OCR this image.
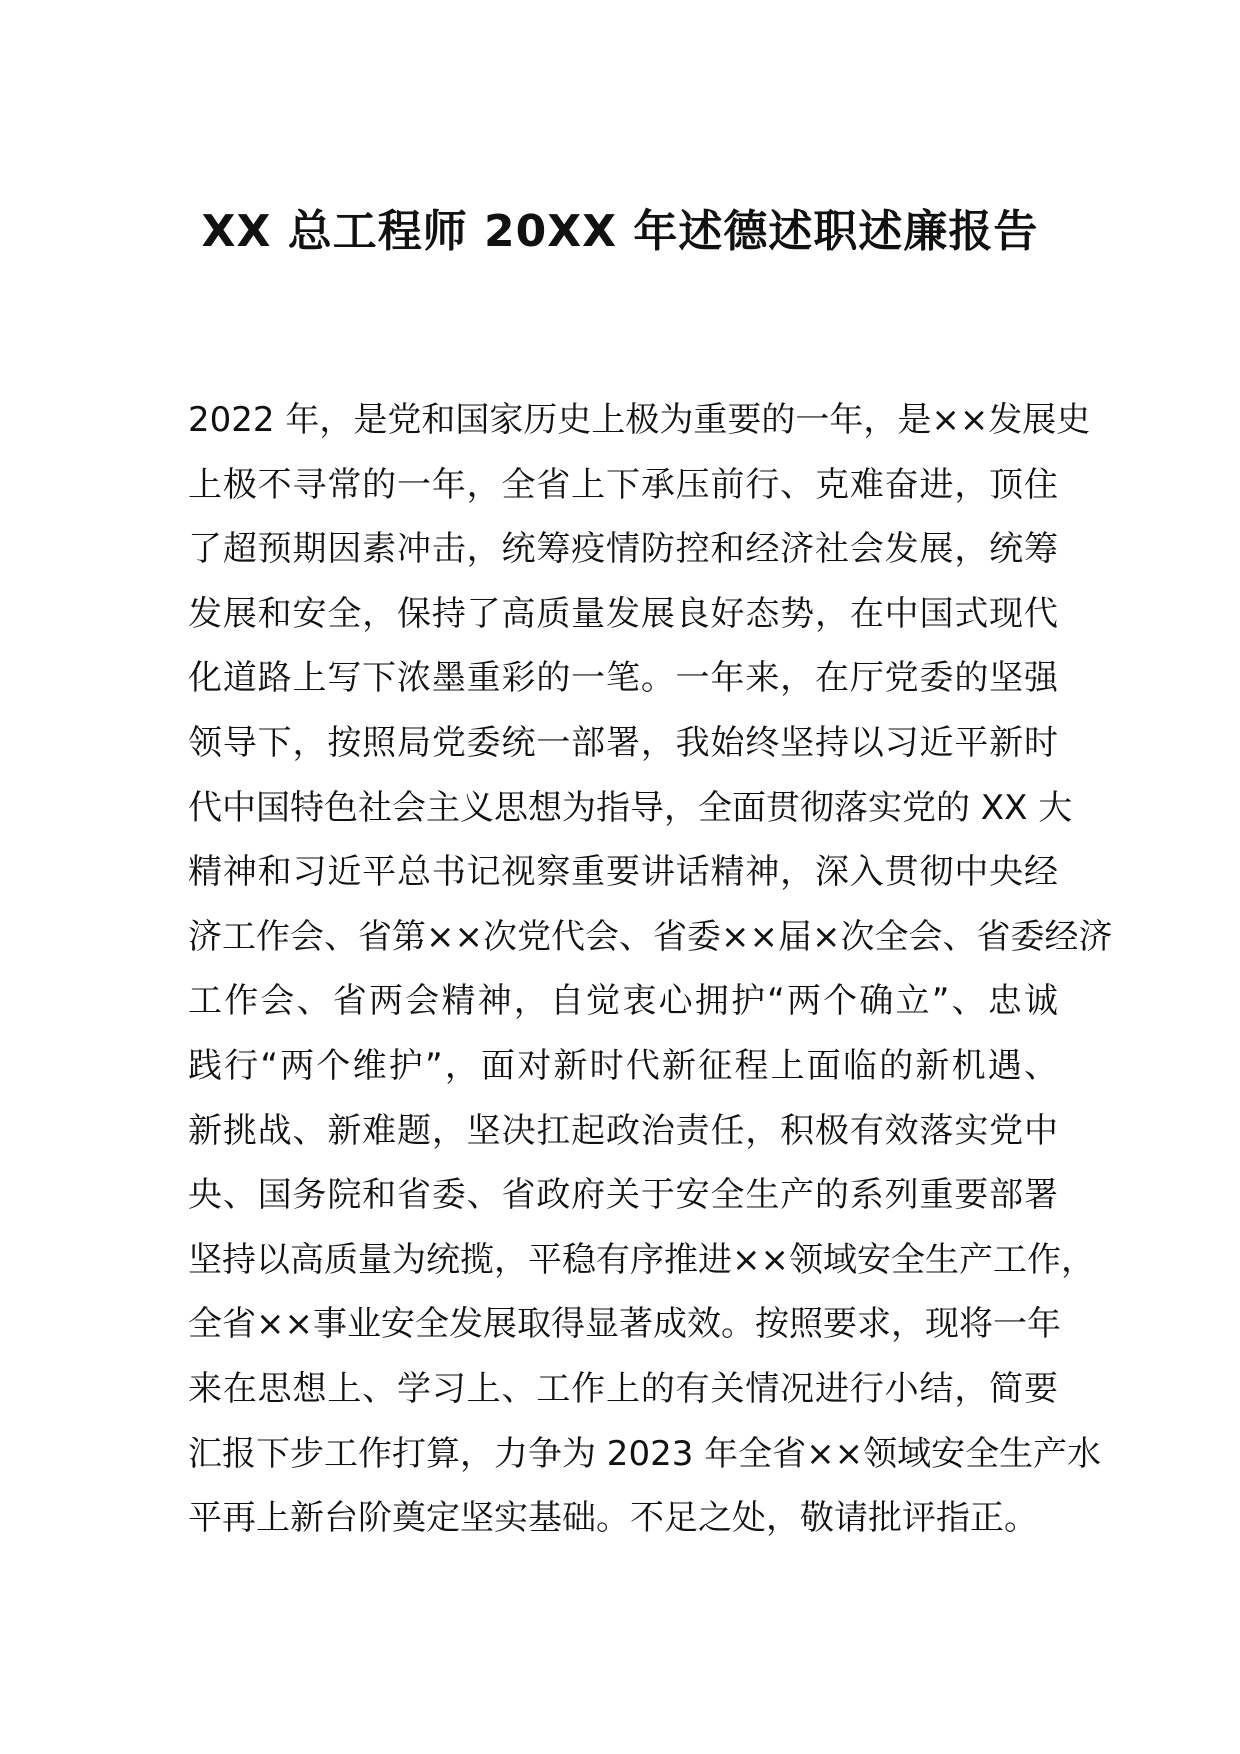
XX 总工程师 20XX 年述德述职述廉报告
2022 年，是党和国家历史上极为重要的一年，是××发展史
上极不寻常的一年，全省上下承压前行、克难奋进，顶住
了超预期因素冲击，统筹疫情防控和经济社会发展，统筹
发展和安全，保持了高质量发展良好态势，在中国式现代
化道路上写下浓墨重彩的一笔。一年来，在厅党委的坚强
领导下，按照局党委统一部署，我始终坚持以习近平新时
代中国特色社会主义思想为指导，全面贯彻落实党的 XX 大
精神和习近平总书记视察重要讲话精神，深入贯彻中央经
济工作会、省第××次党代会、省委××届×次全会、省委经济
工作会、省两会精神，自觉衷心拥护“两个确立”、忠诚
践行“两个维护”，面对新时代新征程上面临的新机遇、
新挑战、新难题，坚决扛起政治责任，积极有效落实党中
央、国务院和省委、省政府关于安全生产的系列重要部署
坚持以高质量为统揽，平稳有序推进××领域安全生产工作，
全省××事业安全发展取得显著成效。按照要求，现将一年
来在思想上、学习上、工作上的有关情况进行小结，简要
汇报下步工作打算，力争为 2023 年全省××领域安全生产水
平再上新台阶奠定坚实基础。不足之处，敬请批评指正。
